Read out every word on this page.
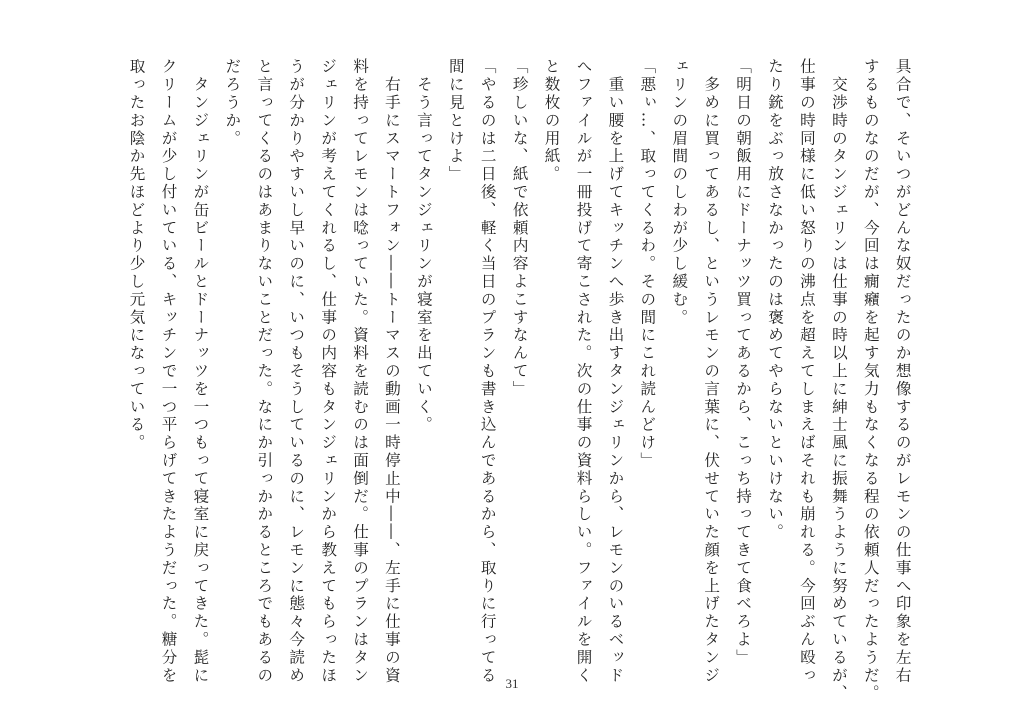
具合で、そいつがどんな奴だったのか想像するのがレモンの仕事へ印象を左右
するものなのだが、今回は癇癪を起す気力もなくなる程の依頼人だったようだ。
　交渉時のタンジェリンは仕事の時以上に紳士風に振舞うように努めているが、
仕事の時同様に低い怒りの沸点を超えてしまえばそれも崩れる。今回ぶん殴っ
たり銃をぶっ放さなかったのは褒めてやらないといけない。
「明日の朝飯用にドーナッツ買ってあるから、こっち持ってきて食べろよ」
　多めに買ってあるし、というレモンの言葉に、伏せていた顔を上げたタンジ
ェリンの眉間のしわが少し緩む。
「悪ぃ…、取ってくるわ。その間にこれ読んどけ」
　重い腰を上げてキッチンへ歩き出すタンジェリンから、レモンのいるベッド
へファイルが一冊投げて寄こされた。次の仕事の資料らしい。ファイルを開く
と数枚の用紙。
「珍しいな、紙で依頼内容よこすなんて」
「やるのは二日後、軽く当日のプランも書き込んであるから、取りに行ってる
間に見とけよ」
　そう言ってタンジェリンが寝室を出ていく。
　右手にスマートフォン――トーマスの動画一時停止中――、左手に仕事の資
料を持ってレモンは唸っていた。資料を読むのは面倒だ。仕事のプランはタン
ジェリンが考えてくれるし、仕事の内容もタンジェリンから教えてもらったほ
うが分かりやすいし早いのに、いつもそうしているのに、レモンに態々今読め
と言ってくるのはあまりないことだった。なにか引っかかるところでもあるの
だろうか。
　タンジェリンが缶ビールとドーナッツを一つもって寝室に戻ってきた。髭に
クリームが少し付いている、キッチンで一つ平らげてきたようだった。糖分を
取ったお陰か先ほどより少し元気になっている。
31
